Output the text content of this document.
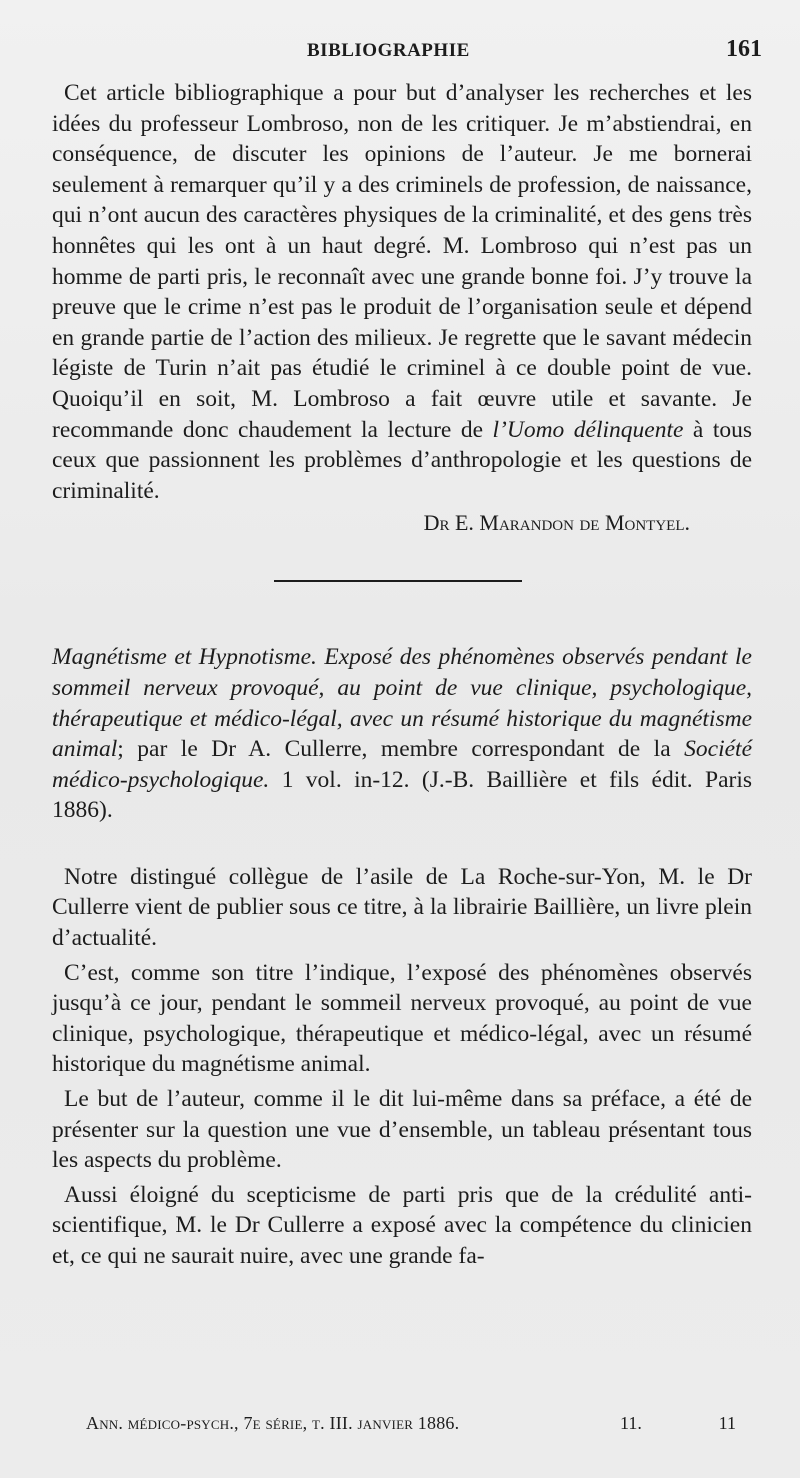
BIBLIOGRAPHIE	161

Cet article bibliographique a pour but d’analyser les recherches et les idées du professeur Lombroso, non de les critiquer. Je m’abstiendrai, en conséquence, de discuter les opinions de l’auteur. Je me bornerai seulement à remarquer qu’il y a des criminels de profession, de naissance, qui n’ont aucun des caractères physiques de la criminalité, et des gens très honnêtes qui les ont à un haut degré. M. Lombroso qui n’est pas un homme de parti pris, le reconnaît avec une grande bonne foi. J’y trouve la preuve que le crime n’est pas le produit de l’organisation seule et dépend en grande partie de l’action des milieux. Je regrette que le savant médecin légiste de Turin n’ait pas étudié le criminel à ce double point de vue. Quoiqu’il en soit, M. Lombroso a fait œuvre utile et savante. Je recommande donc chaudement la lecture de l’Uomo délinquente à tous ceux que passionnent les problèmes d’anthropologie et les questions de criminalité.

Dr E. Marandon de Montyel.
Magnétisme et Hypnotisme. Exposé des phénomènes observés pendant le sommeil nerveux provoqué, au point de vue clinique, psychologique, thérapeutique et médico-légal, avec un résumé historique du magnétisme animal; par le Dr A. Cullerre, membre correspondant de la Société médico-psychologique. 1 vol. in-12. (J.-B. Baillière et fils édit. Paris 1886).

Notre distingué collègue de l’asile de La Roche-sur-Yon, M. le Dr Cullerre vient de publier sous ce titre, à la librairie Baillière, un livre plein d’actualité.

C’est, comme son titre l’indique, l’exposé des phénomènes observés jusqu’à ce jour, pendant le sommeil nerveux provoqué, au point de vue clinique, psychologique, thérapeutique et médico-légal, avec un résumé historique du magnétisme animal.

Le but de l’auteur, comme il le dit lui-même dans sa préface, a été de présenter sur la question une vue d’ensemble, un tableau présentant tous les aspects du problème.

Aussi éloigné du scepticisme de parti pris que de la crédulité anti-scientifique, M. le Dr Cullerre a exposé avec la compétence du clinicien et, ce qui ne saurait nuire, avec une grande fa-

Ann. médico-psych., 7e série, t. III. janvier 1886.	11.	11
